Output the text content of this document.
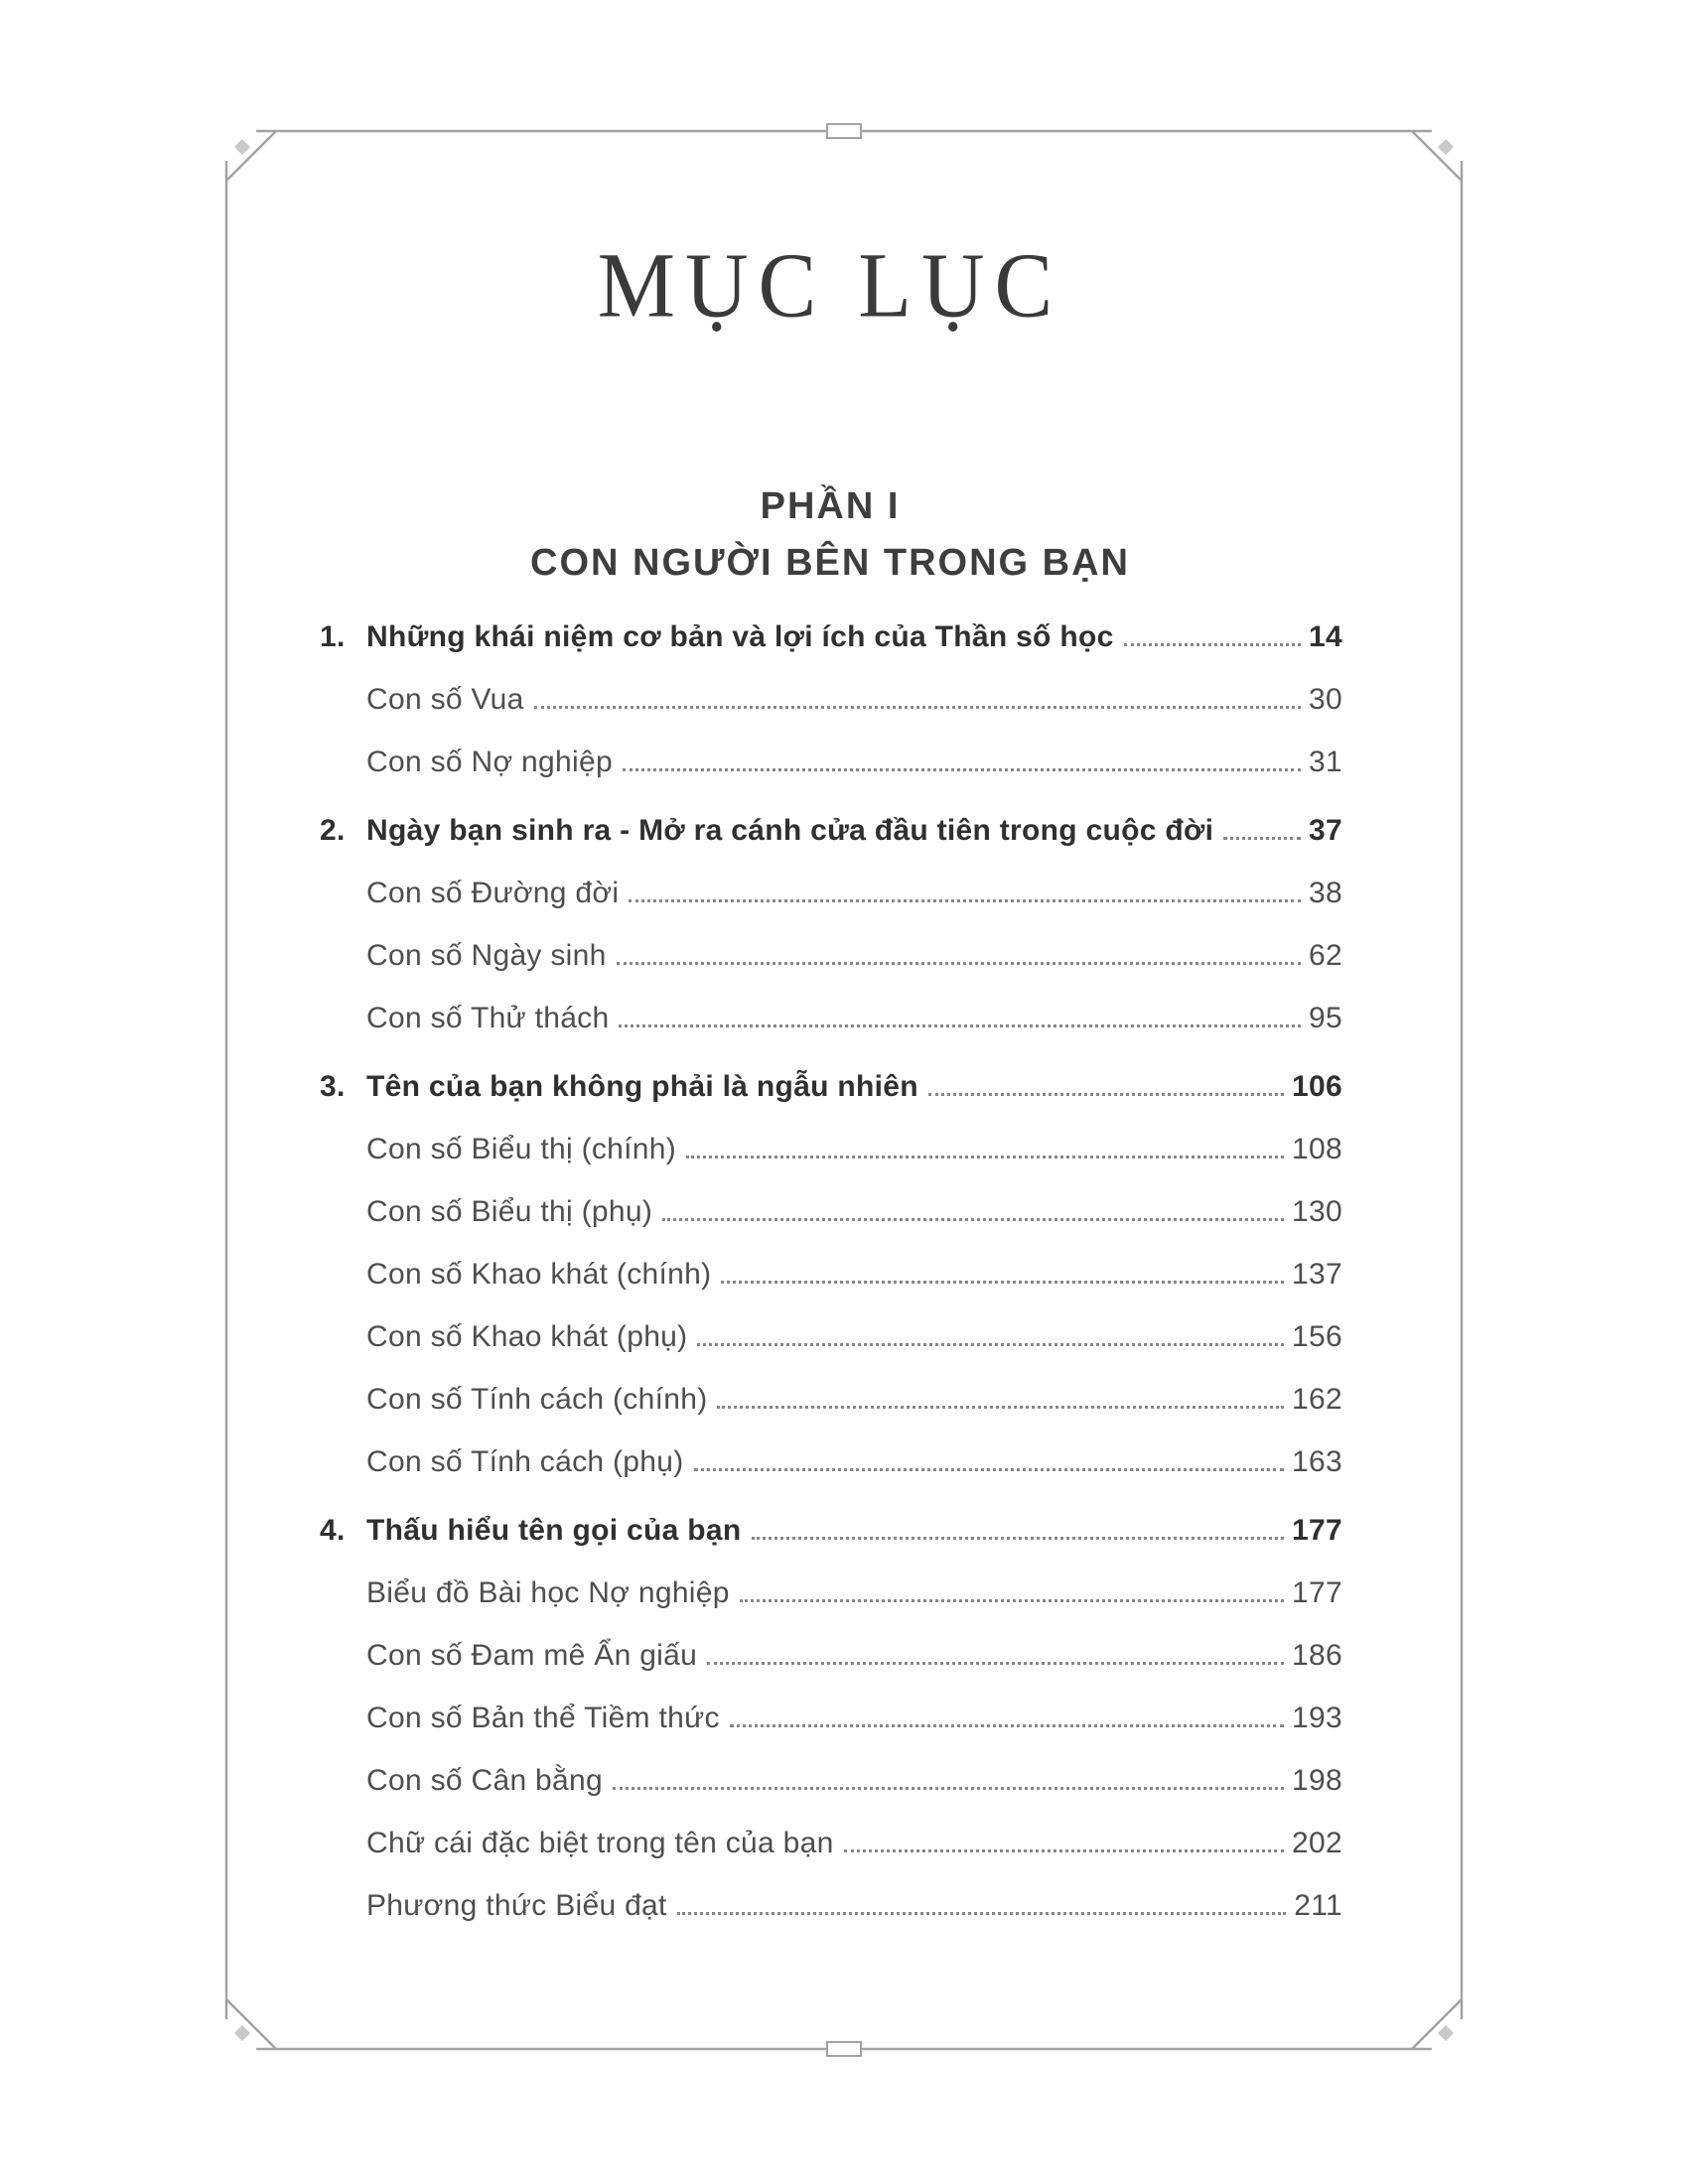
MỤC LỤC
PHẦN I
CON NGƯỜI BÊN TRONG BẠN
1. Những khái niệm cơ bản và lợi ích của Thần số học	14
Con số Vua	30
Con số Nợ nghiệp	31
2. Ngày bạn sinh ra - Mở ra cánh cửa đầu tiên trong cuộc đời	37
Con số Đường đời	38
Con số Ngày sinh	62
Con số Thử thách	95
3. Tên của bạn không phải là ngẫu nhiên	106
Con số Biểu thị (chính)	108
Con số Biểu thị (phụ)	130
Con số Khao khát (chính)	137
Con số Khao khát (phụ)	156
Con số Tính cách (chính)	162
Con số Tính cách (phụ)	163
4. Thấu hiểu tên gọi của bạn	177
Biểu đồ Bài học Nợ nghiệp	177
Con số Đam mê Ẩn giấu	186
Con số Bản thể Tiềm thức	193
Con số Cân bằng	198
Chữ cái đặc biệt trong tên của bạn	202
Phương thức Biểu đạt	211
